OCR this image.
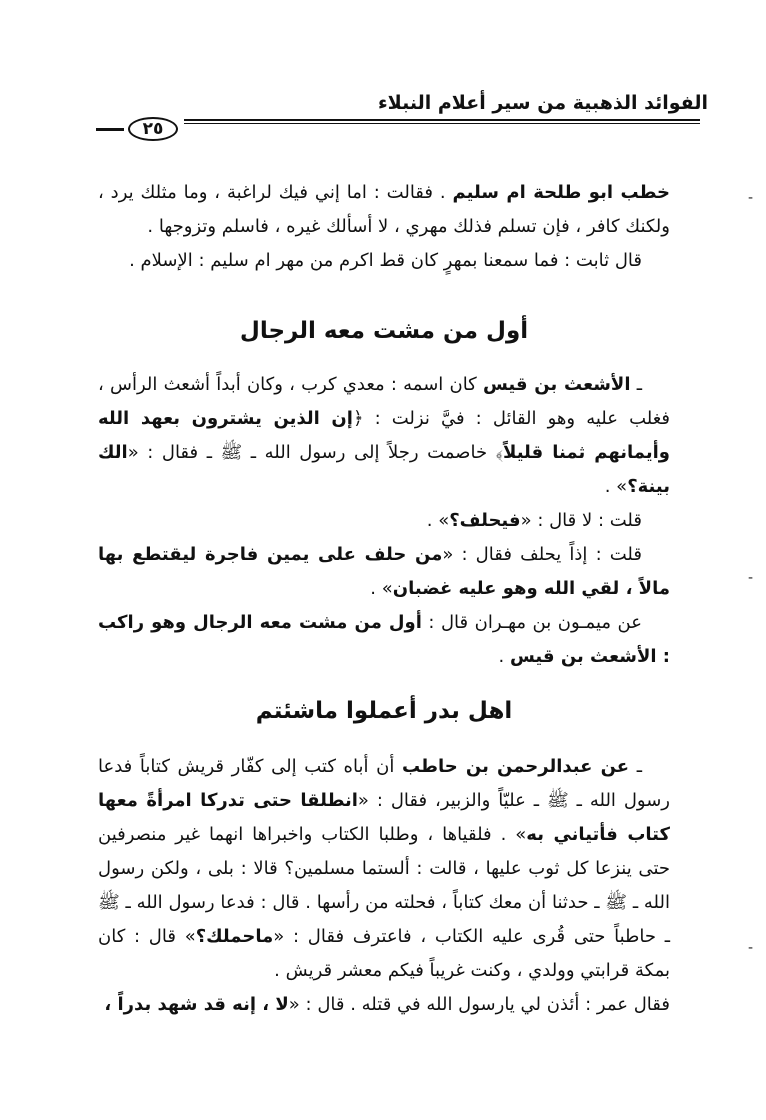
الفوائد الذهبية من سير أعلام النبلاء
٢٥

خطب ابو طلحة ام سليم . فقالت : اما إني فيك لراغبة ، وما مثلك يرد ، ولكنك كافر ، فإن تسلم فذلك مهري ، لا أسألك غيره ، فاسلم وتزوجها .

قال ثابت : فما سمعنا بمهرٍ كان قط اكرم من مهر ام سليم : الإسلام .

أول من مشت معه الرجال

ـ الأشعث بن قيس كان اسمه : معدي كرب ، وكان أبداً أشعث الرأس ، فغلب عليه وهو القائل : فيَّ نزلت : ﴿إن الذين يشترون بعهد الله وأيمانهم ثمنا قليلاً﴾ خاصمت رجلاً إلى رسول الله ـ ﷺ ـ فقال : «الك بينة؟» .

قلت : لا قال : «فيحلف؟» .

قلت : إذاً يحلف فقال : «من حلف على يمين فاجرة ليقتطع بها مالاً ، لقي الله وهو عليه غضبان» .

عن ميمـون بن مهـران قال : أول من مشت معه الرجال وهو راكب : الأشعث بن قيس .

اهل بدر أعملوا ماشئتم

ـ عن عبدالرحمن بن حاطب أن أباه كتب إلى كفّار قريش كتاباً فدعا رسول الله ـ ﷺ ـ عليّاً والزبير، فقال : «انطلقا حتى تدركا امرأةً معها كتاب فأتياني به» . فلقياها ، وطلبا الكتاب واخبراها انهما غير منصرفين حتى ينزعا كل ثوب عليها ، قالت : ألستما مسلمين؟ قالا : بلى ، ولكن رسول الله ـ ﷺ ـ حدثنا أن معك كتاباً ، فحلته من رأسها . قال : فدعا رسول الله ـ ﷺ ـ حاطباً حتى قُرى عليه الكتاب ، فاعترف فقال : «ماحملك؟» قال : كان بمكة قرابتي وولدي ، وكنت غريباً فيكم معشر قريش .

فقال عمر : أئذن لي يارسول الله في قتله . قال : «لا ، إنه قد شهد بدراً ،

-
-
-
